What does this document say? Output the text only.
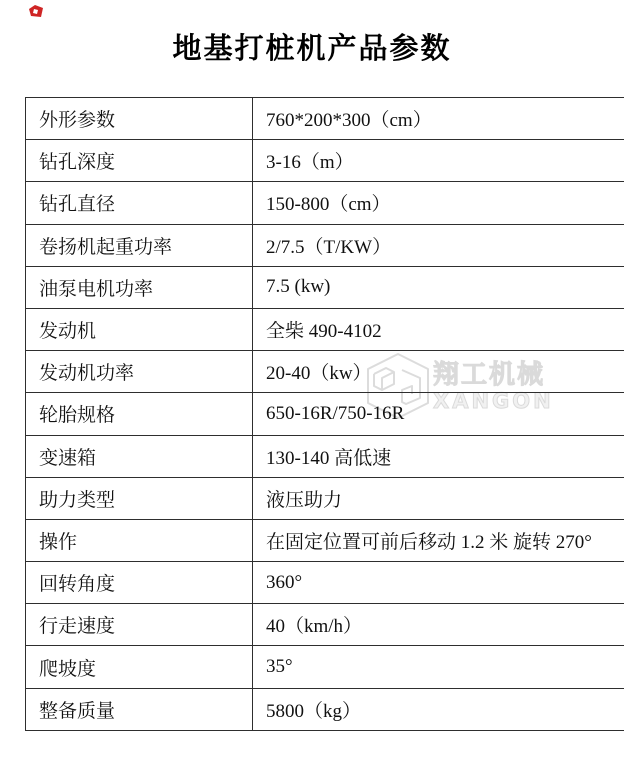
地基打桩机产品参数
翔工机械
XANGON
外形参数	760*200*300（cm）
钻孔深度	3-16（m）
钻孔直径	150-800（cm）
卷扬机起重功率	2/7.5（T/KW）
油泵电机功率	7.5 (kw)
发动机	全柴 490-4102
发动机功率	20-40（kw）
轮胎规格	650-16R/750-16R
变速箱	130-140 高低速
助力类型	液压助力
操作	在固定位置可前后移动 1.2 米 旋转 270°
回转角度	360°
行走速度	40（km/h）
爬坡度	35°
整备质量	5800（kg）
